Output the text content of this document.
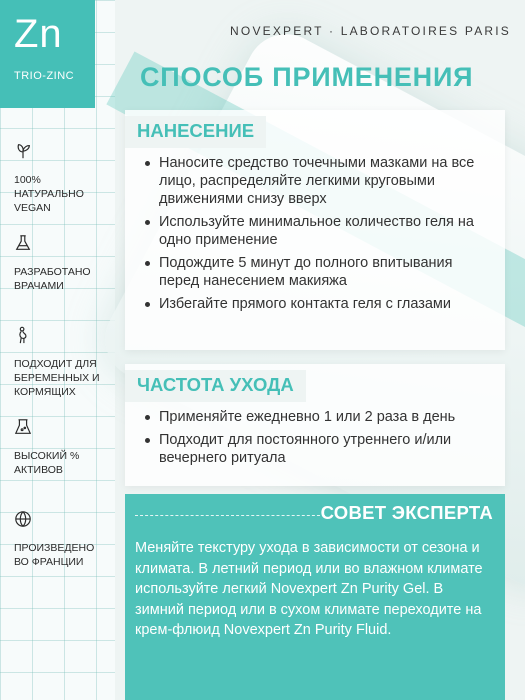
Zn
TRIO-ZINC
100% НАТУРАЛЬНО VEGAN
РАЗРАБОТАНО ВРАЧАМИ
ПОДХОДИТ ДЛЯ БЕРЕМЕННЫХ И КОРМЯЩИХ
ВЫСОКИЙ % АКТИВОВ
ПРОИЗВЕДЕНО ВО ФРАНЦИИ
NOVEXPERT · LABORATOIRES PARIS
СПОСОБ ПРИМЕНЕНИЯ
НАНЕСЕНИЕ
Наносите средство точечными мазками на все лицо, распределяйте легкими круговыми движениями снизу вверх
Используйте минимальное количество геля на одно применение
Подождите 5 минут до полного впитывания перед нанесением макияжа
Избегайте прямого контакта геля с глазами
ЧАСТОТА УХОДА
Применяйте ежедневно 1 или 2 раза в день
Подходит для постоянного утреннего и/или вечернего ритуала
СОВЕТ ЭКСПЕРТА

Меняйте текстуру ухода в зависимости от сезона и климата. В летний период или во влажном климате используйте легкий Novexpert Zn Purity Gel. В зимний период или в сухом климате переходите на крем-флюид Novexpert Zn Purity Fluid.
